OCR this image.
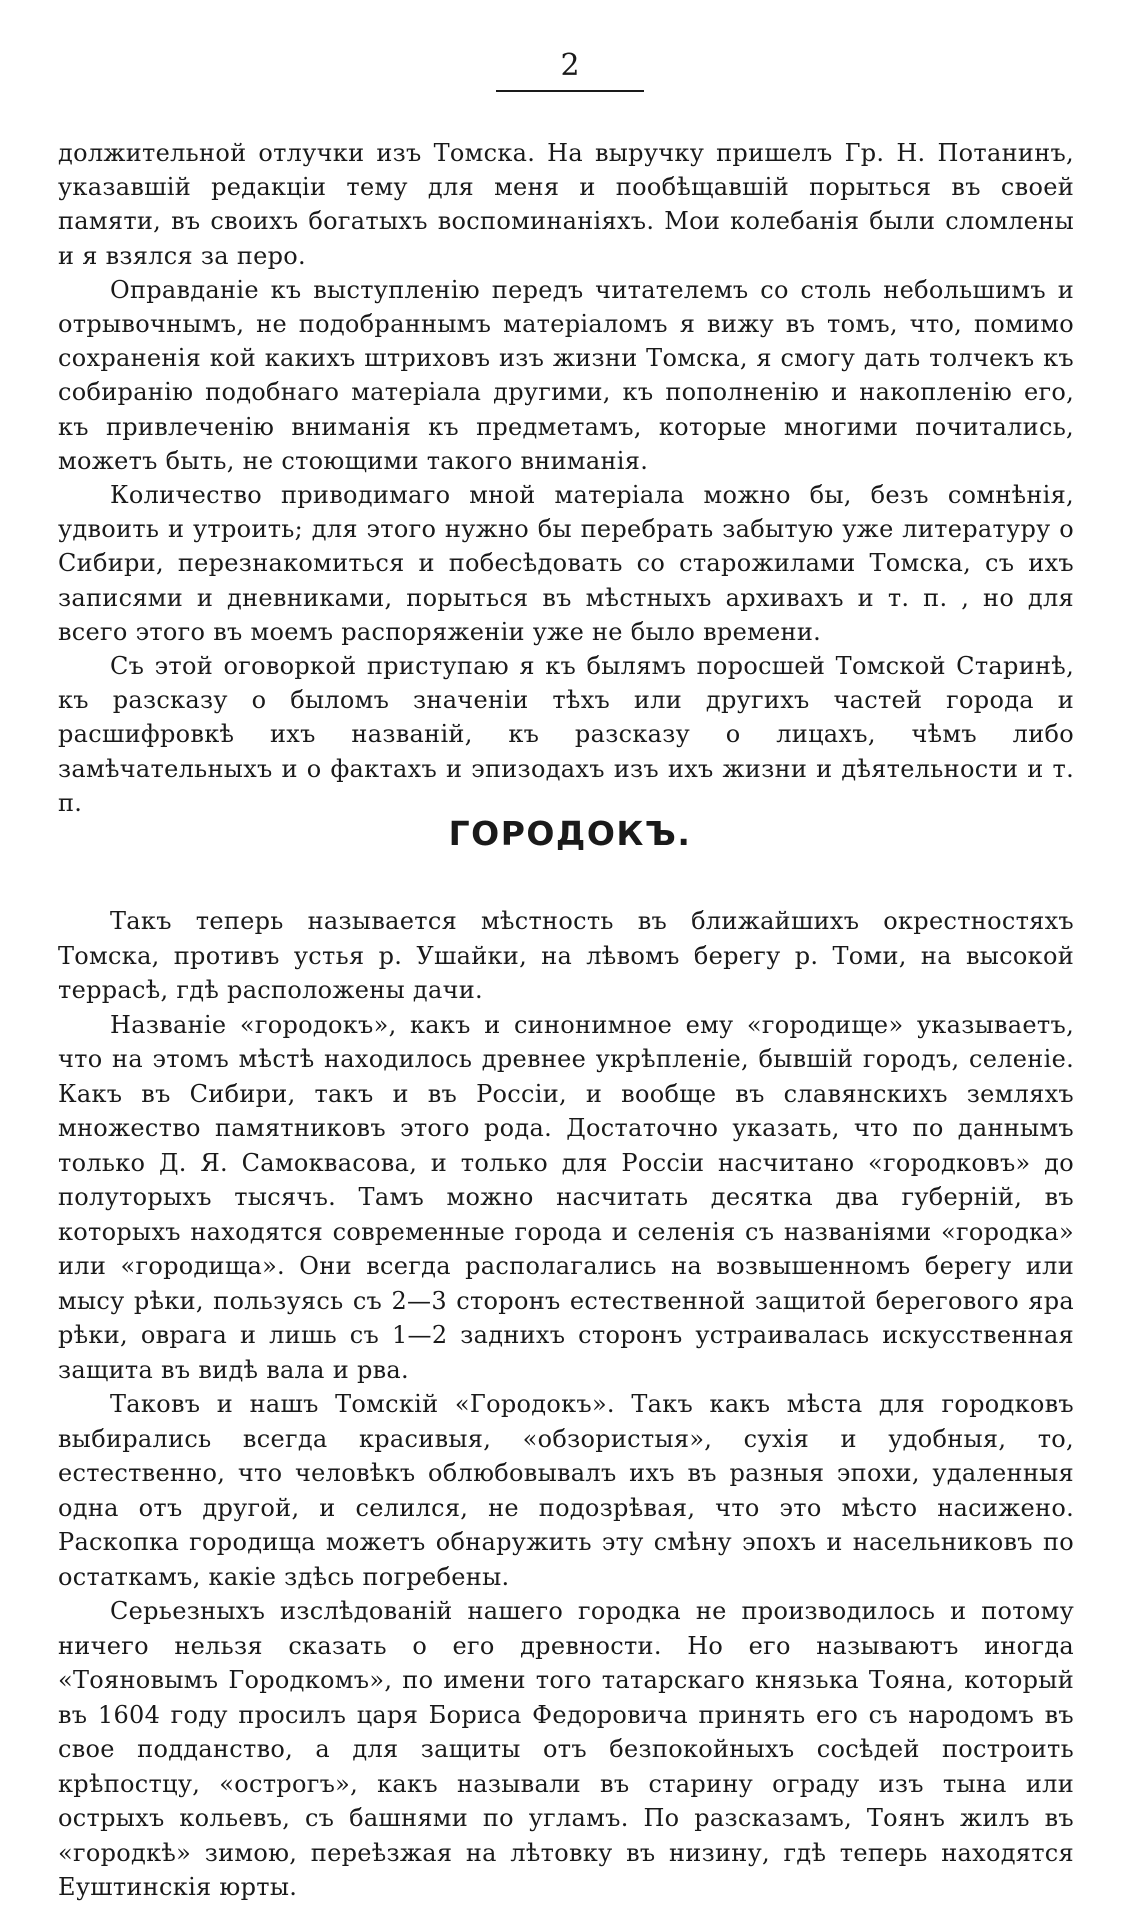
2

должительной отлучки изъ Томска. На выручку пришелъ Гр. Н. Потанинъ, указавшій редакціи тему для меня и пообѣщавшій порыться въ своей памяти, въ своихъ богатыхъ воспоминаніяхъ. Мои колебанія были сломлены и я взялся за перо.

Оправданіе къ выступленію передъ читателемъ со столь небольшимъ и отрывочнымъ, не подобраннымъ матеріаломъ я вижу въ томъ, что, помимо сохраненія кой какихъ штриховъ изъ жизни Томска, я смогу дать толчекъ къ собиранію подобнаго матеріала другими, къ пополненію и накопленію его, къ привлеченію вниманія къ предметамъ, которые многими почитались, можетъ быть, не стоющими такого вниманія.

Количество приводимаго мной матеріала можно бы, безъ сомнѣнія, удвоить и утроить; для этого нужно бы перебрать забытую уже литературу о Сибири, перезнакомиться и побесѣдовать со старожилами Томска, съ ихъ записями и дневниками, порыться въ мѣстныхъ архивахъ и т. п. , но для всего этого въ моемъ распоряженіи уже не было времени.

Съ этой оговоркой приступаю я къ былямъ поросшей Томской Старинѣ, къ разсказу о быломъ значеніи тѣхъ или другихъ частей города и расшифровкѣ ихъ названій, къ разсказу о лицахъ, чѣмъ либо замѣчательныхъ и о фактахъ и эпизодахъ изъ ихъ жизни и дѣятельности и т. п.

ГОРОДОКЪ.

Такъ теперь называется мѣстность въ ближайшихъ окрестностяхъ Томска, противъ устья р. Ушайки, на лѣвомъ берегу р. Томи, на высокой террасѣ, гдѣ расположены дачи.

Названіе «городокъ», какъ и синонимное ему «городище» указываетъ, что на этомъ мѣстѣ находилось древнее укрѣпленіе, бывшій городъ, селеніе. Какъ въ Сибири, такъ и въ Россіи, и вообще въ славянскихъ земляхъ множество памятниковъ этого рода. Достаточно указать, что по даннымъ только Д. Я. Самоквасова, и только для Россіи насчитано «городковъ» до полуторыхъ тысячъ. Тамъ можно насчитать десятка два губерній, въ которыхъ находятся современные города и селенія съ названіями «городка» или «городища». Они всегда располагались на возвышенномъ берегу или мысу рѣки, пользуясь съ 2—3 сторонъ естественной защитой берегового яра рѣки, оврага и лишь съ 1—2 заднихъ сторонъ устраивалась искусственная защита въ видѣ вала и рва.

Таковъ и нашъ Томскій «Городокъ». Такъ какъ мѣста для городковъ выбирались всегда красивыя, «обзористыя», сухія и удобныя, то, естественно, что человѣкъ облюбовывалъ ихъ въ разныя эпохи, удаленныя одна отъ другой, и селился, не подозрѣвая, что это мѣсто насижено. Раскопка городища можетъ обнаружить эту смѣну эпохъ и насельниковъ по остаткамъ, какіе здѣсь погребены.

Серьезныхъ изслѣдованій нашего городка не производилось и потому ничего нельзя сказать о его древности. Но его называютъ иногда «Тояновымъ Городкомъ», по имени того татарскаго князька Тояна, который въ 1604 году просилъ царя Бориса Федоровича принять его съ народомъ въ свое подданство, а для защиты отъ безпокойныхъ сосѣдей построить крѣпостцу, «острогъ», какъ называли въ старину ограду изъ тына или острыхъ кольевъ, съ башнями по угламъ. По разсказамъ, Тоянъ жилъ въ «городкѣ» зимою, переѣзжая на лѣтовку въ низину, гдѣ теперь находятся Еуштинскія юрты.
